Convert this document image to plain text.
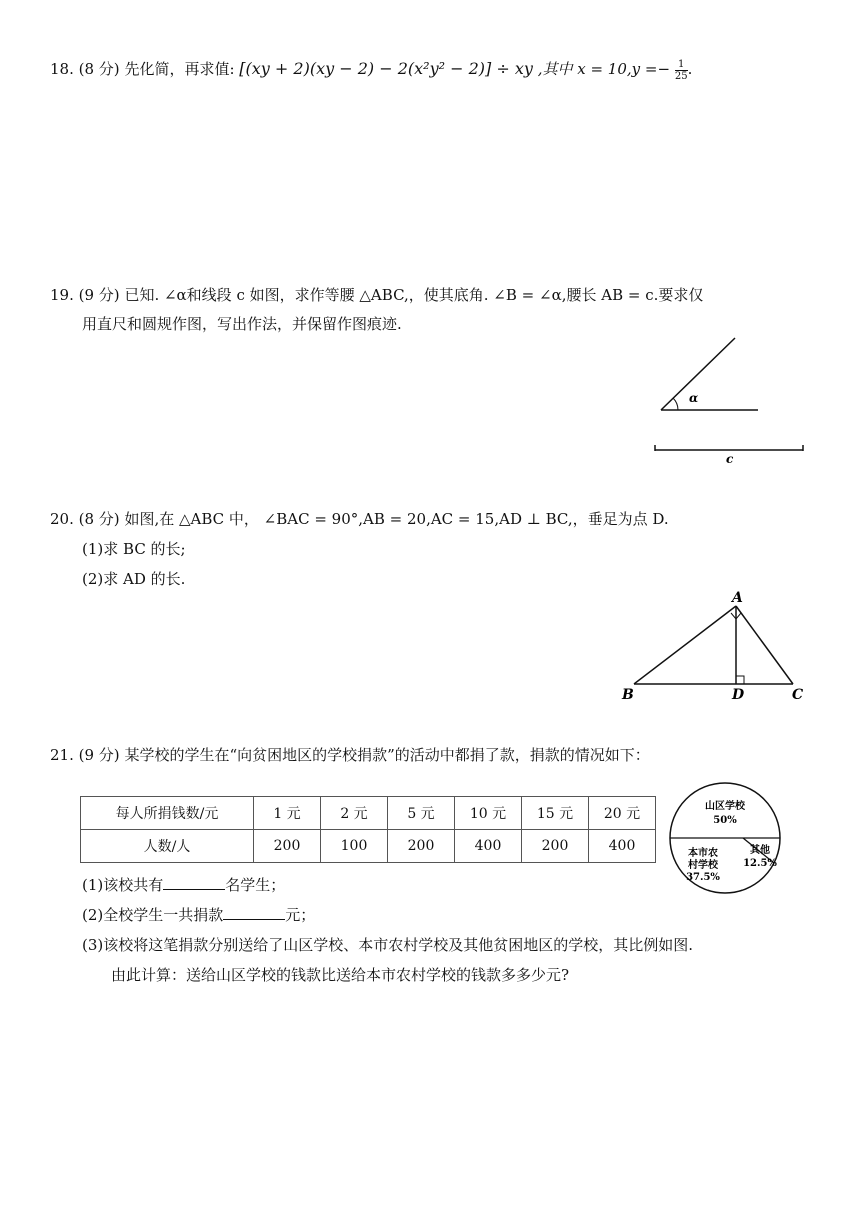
18. (8 分) 先化简，再求值: [(xy + 2)(xy − 2) − 2(x²y² − 2)] ÷ xy ,其中 $x = 10,y =- \frac{1}{25}$ .
19. (9 分) 已知. ∠α和线段 c 如图，求作等腰 △ABC,，使其底角. ∠B = ∠α,腰长 AB = c.要求仅
用直尺和圆规作图，写出作法，并保留作图痕迹.
α
c
20. (8 分) 如图,在 △ABC 中， ∠BAC = 90°,AB = 20,AC = 15,AD ⊥ BC,，垂足为点 D.
(1)求 BC 的长;
(2)求 AD 的长.
A
B	D	C
21. (9 分) 某学校的学生在“向贫困地区的学校捐款”的活动中都捐了款，捐款的情况如下：
每人所捐钱数/元	1 元	2 元	5 元	10 元	15 元	20 元
人数/人	200	100	200	400	200	400
山区学校
50%
本市农
村学校
37.5%
其他
12.5%
(1)该校共有	名学生；
(2)全校学生一共捐款	元；
(3)该校将这笔捐款分别送给了山区学校、本市农村学校及其他贫困地区的学校，其比例如图.
由此计算：送给山区学校的钱款比送给本市农村学校的钱款多多少元?
